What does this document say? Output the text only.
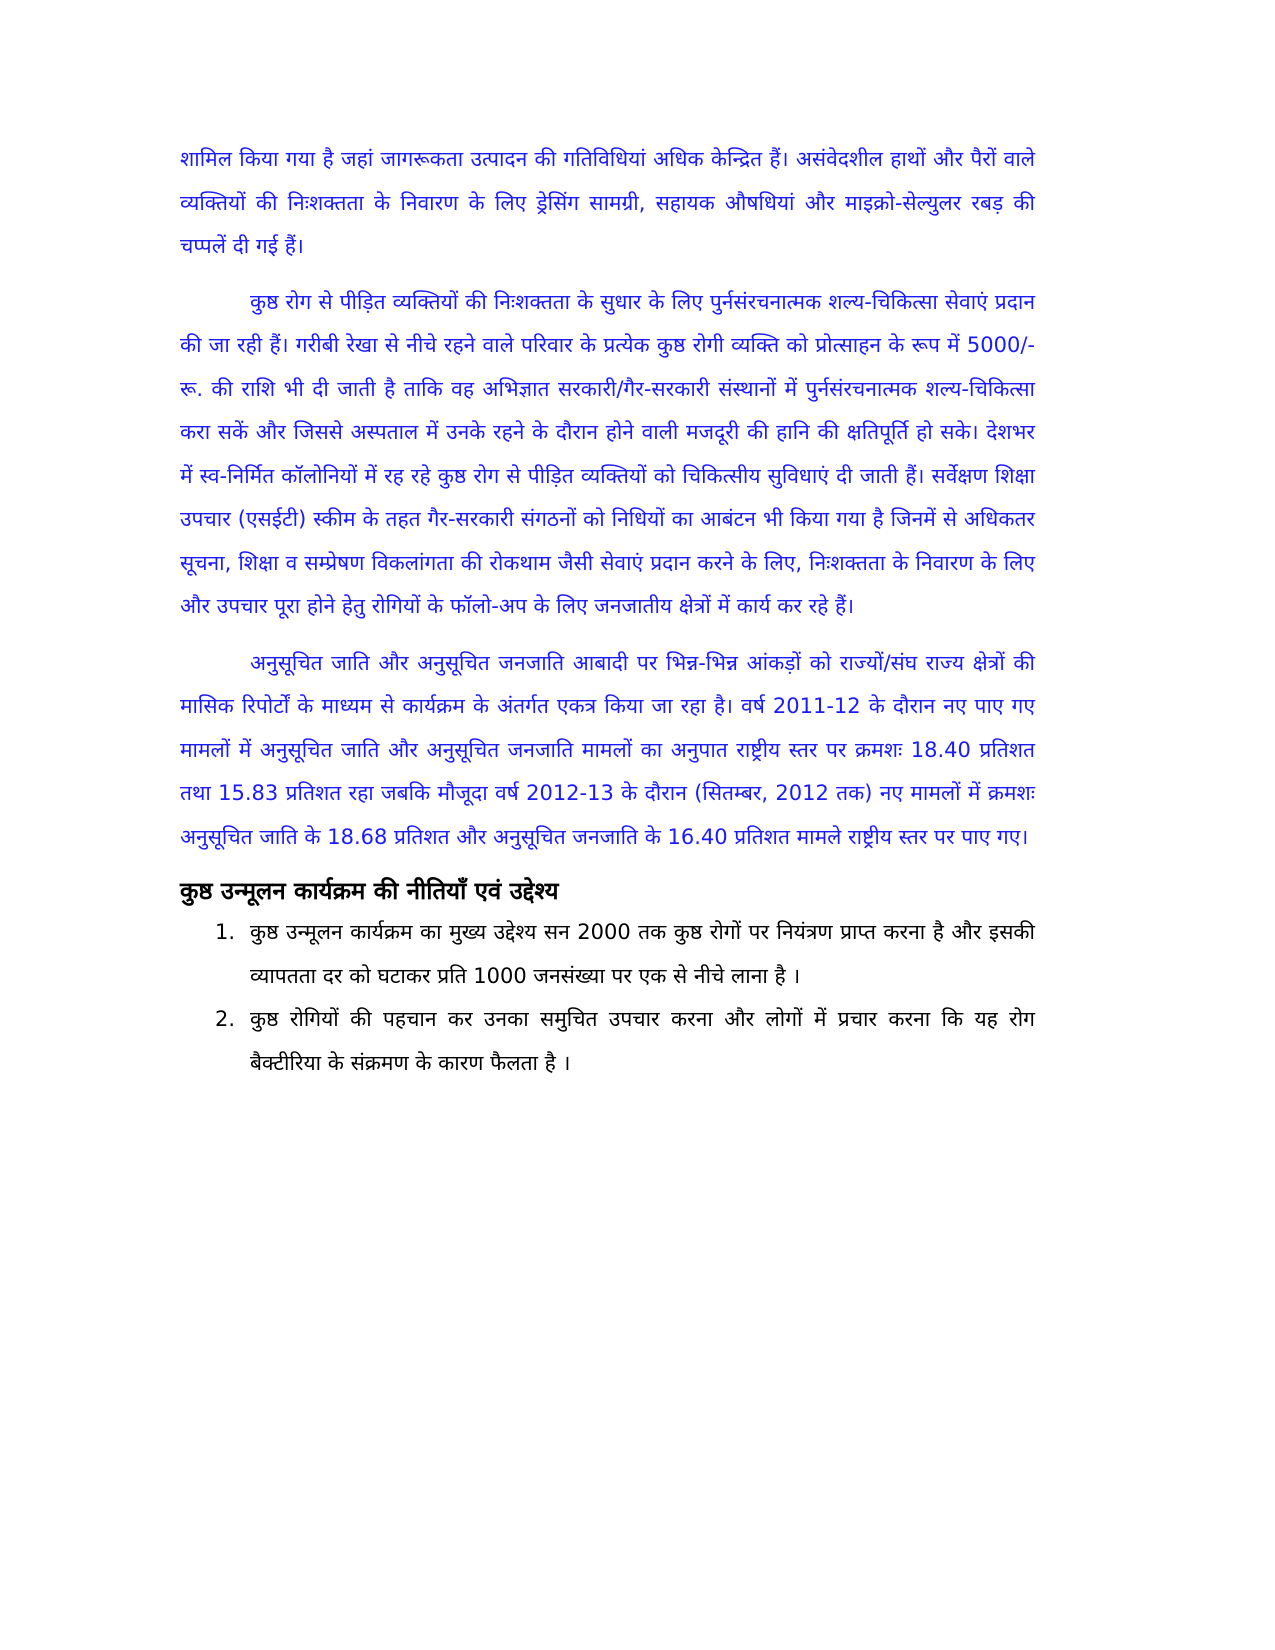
शामिल किया गया है जहां जागरूकता उत्पादन की गतिविधियां अधिक केन्द्रित हैं। असंवेदशील हाथों और पैरों वाले व्यक्तियों की निःशक्तता के निवारण के लिए ड्रेसिंग सामग्री, सहायक औषधियां और माइक्रो-सेल्युलर रबड़ की चप्पलें दी गई हैं।

कुष्ठ रोग से पीड़ित व्यक्तियों की निःशक्तता के सुधार के लिए पुर्नसंरचनात्मक शल्य-चिकित्सा सेवाएं प्रदान की जा रही हैं। गरीबी रेखा से नीचे रहने वाले परिवार के प्रत्येक कुष्ठ रोगी व्यक्ति को प्रोत्साहन के रूप में 5000/-रू. की राशि भी दी जाती है ताकि वह अभिज्ञात सरकारी/गैर-सरकारी संस्थानों में पुर्नसंरचनात्मक शल्य-चिकित्सा करा सकें और जिससे अस्पताल में उनके रहने के दौरान होने वाली मजदूरी की हानि की क्षतिपूर्ति हो सके। देशभर में स्व-निर्मित कॉलोनियों में रह रहे कुष्ठ रोग से पीड़ित व्यक्तियों को चिकित्सीय सुविधाएं दी जाती हैं। सर्वेक्षण शिक्षा उपचार (एसईटी) स्कीम के तहत गैर-सरकारी संगठनों को निधियों का आबंटन भी किया गया है जिनमें से अधिकतर सूचना, शिक्षा व सम्प्रेषण विकलांगता की रोकथाम जैसी सेवाएं प्रदान करने के लिए, निःशक्तता के निवारण के लिए और उपचार पूरा होने हेतु रोगियों के फॉलो-अप के लिए जनजातीय क्षेत्रों में कार्य कर रहे हैं।

अनुसूचित जाति और अनुसूचित जनजाति आबादी पर भिन्न-भिन्न आंकड़ों को राज्यों/संघ राज्य क्षेत्रों की मासिक रिपोर्टों के माध्यम से कार्यक्रम के अंतर्गत एकत्र किया जा रहा है। वर्ष 2011-12 के दौरान नए पाए गए मामलों में अनुसूचित जाति और अनुसूचित जनजाति मामलों का अनुपात राष्ट्रीय स्तर पर क्रमशः 18.40 प्रतिशत तथा 15.83 प्रतिशत रहा जबकि मौजूदा वर्ष 2012-13 के दौरान (सितम्बर, 2012 तक) नए मामलों में क्रमशः अनुसूचित जाति के 18.68 प्रतिशत और अनुसूचित जनजाति के 16.40 प्रतिशत मामले राष्ट्रीय स्तर पर पाए गए।

कुष्ठ उन्मूलन कार्यक्रम की नीतियाँ एवं उद्देश्य
1. कुष्ठ उन्मूलन कार्यक्रम का मुख्य उद्देश्य सन 2000 तक कुष्ठ रोगों पर नियंत्रण प्राप्त करना है और इसकी व्यापतता दर को घटाकर प्रति 1000 जनसंख्या पर एक से नीचे लाना है ।
2. कुष्ठ रोगियों की पहचान कर उनका समुचित उपचार करना और लोगों में प्रचार करना कि यह रोग बैक्टीरिया के संक्रमण के कारण फैलता है ।
